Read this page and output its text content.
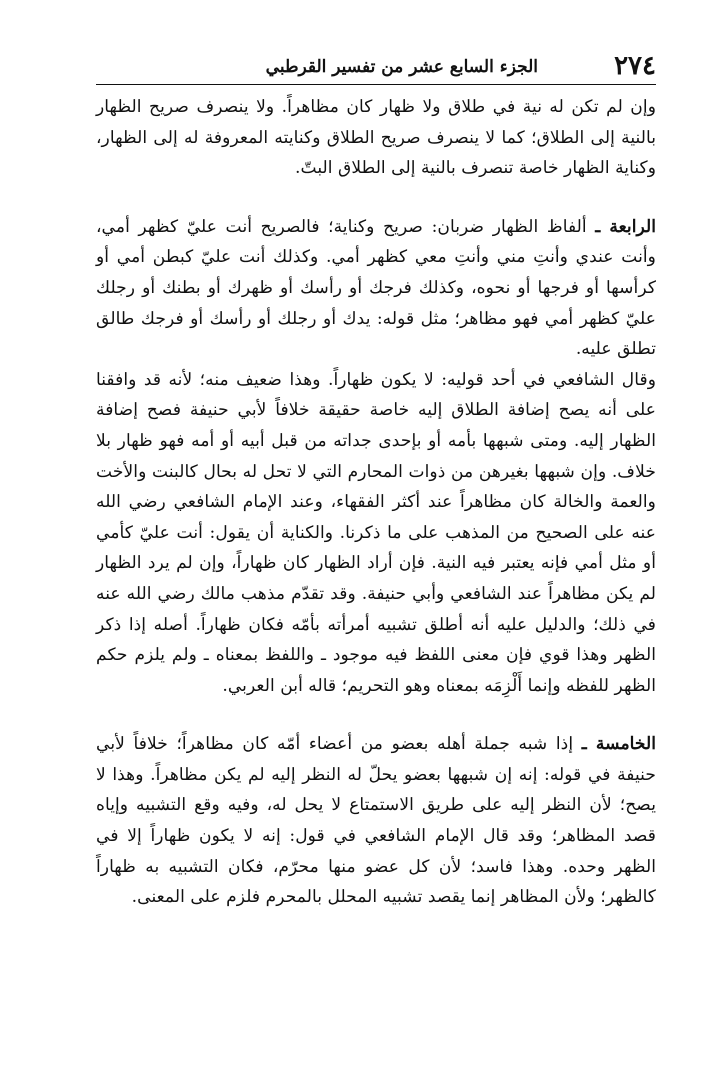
٢٧٤
الجزء السابع عشر من تفسير القرطبي

وإن لم تكن له نية في طلاق ولا ظهار كان مظاهراً. ولا ينصرف صريح الظهار بالنية إلى الطلاق؛ كما لا ينصرف صريح الطلاق وكنايته المعروفة له إلى الظهار، وكناية الظهار خاصة تنصرف بالنية إلى الطلاق البتّ.

الرابعة ـ ألفاظ الظهار ضربان: صريح وكناية؛ فالصريح أنت عليّ كظهر أمي، وأنت عندي وأنتِ مني وأنتِ معي كظهر أمي. وكذلك أنت عليّ كبطن أمي أو كرأسها أو فرجها أو نحوه، وكذلك فرجك أو رأسك أو ظهرك أو بطنك أو رجلك عليّ كظهر أمي فهو مظاهر؛ مثل قوله: يدك أو رجلك أو رأسك أو فرجك طالق تطلق عليه.

وقال الشافعي في أحد قوليه: لا يكون ظهاراً. وهذا ضعيف منه؛ لأنه قد وافقنا على أنه يصح إضافة الطلاق إليه خاصة حقيقة خلافاً لأبي حنيفة فصح إضافة الظهار إليه. ومتى شبهها بأمه أو بإحدى جداته من قبل أبيه أو أمه فهو ظهار بلا خلاف. وإن شبهها بغيرهن من ذوات المحارم التي لا تحل له بحال كالبنت والأخت والعمة والخالة كان مظاهراً عند أكثر الفقهاء، وعند الإمام الشافعي رضي الله عنه على الصحيح من المذهب على ما ذكرنا. والكناية أن يقول: أنت عليّ كأمي أو مثل أمي فإنه يعتبر فيه النية. فإن أراد الظهار كان ظهاراً، وإن لم يرد الظهار لم يكن مظاهراً عند الشافعي وأبي حنيفة. وقد تقدّم مذهب مالك رضي الله عنه في ذلك؛ والدليل عليه أنه أطلق تشبيه أمرأته بأمّه فكان ظهاراً. أصله إذا ذكر الظهر وهذا قوي فإن معنى اللفظ فيه موجود ـ واللفظ بمعناه ـ ولم يلزم حكم الظهر للفظه وإنما أَلْزِمَه بمعناه وهو التحريم؛ قاله أبن العربي.

الخامسة ـ إذا شبه جملة أهله بعضو من أعضاء أمّه كان مظاهراً؛ خلافاً لأبي حنيفة في قوله: إنه إن شبهها بعضو يحلّ له النظر إليه لم يكن مظاهراً. وهذا لا يصح؛ لأن النظر إليه على طريق الاستمتاع لا يحل له، وفيه وقع التشبيه وإياه قصد المظاهر؛ وقد قال الإمام الشافعي في قول: إنه لا يكون ظهاراً إلا في الظهر وحده. وهذا فاسد؛ لأن كل عضو منها محرّم، فكان التشبيه به ظهاراً كالظهر؛ ولأن المظاهر إنما يقصد تشبيه المحلل بالمحرم فلزم على المعنى.
